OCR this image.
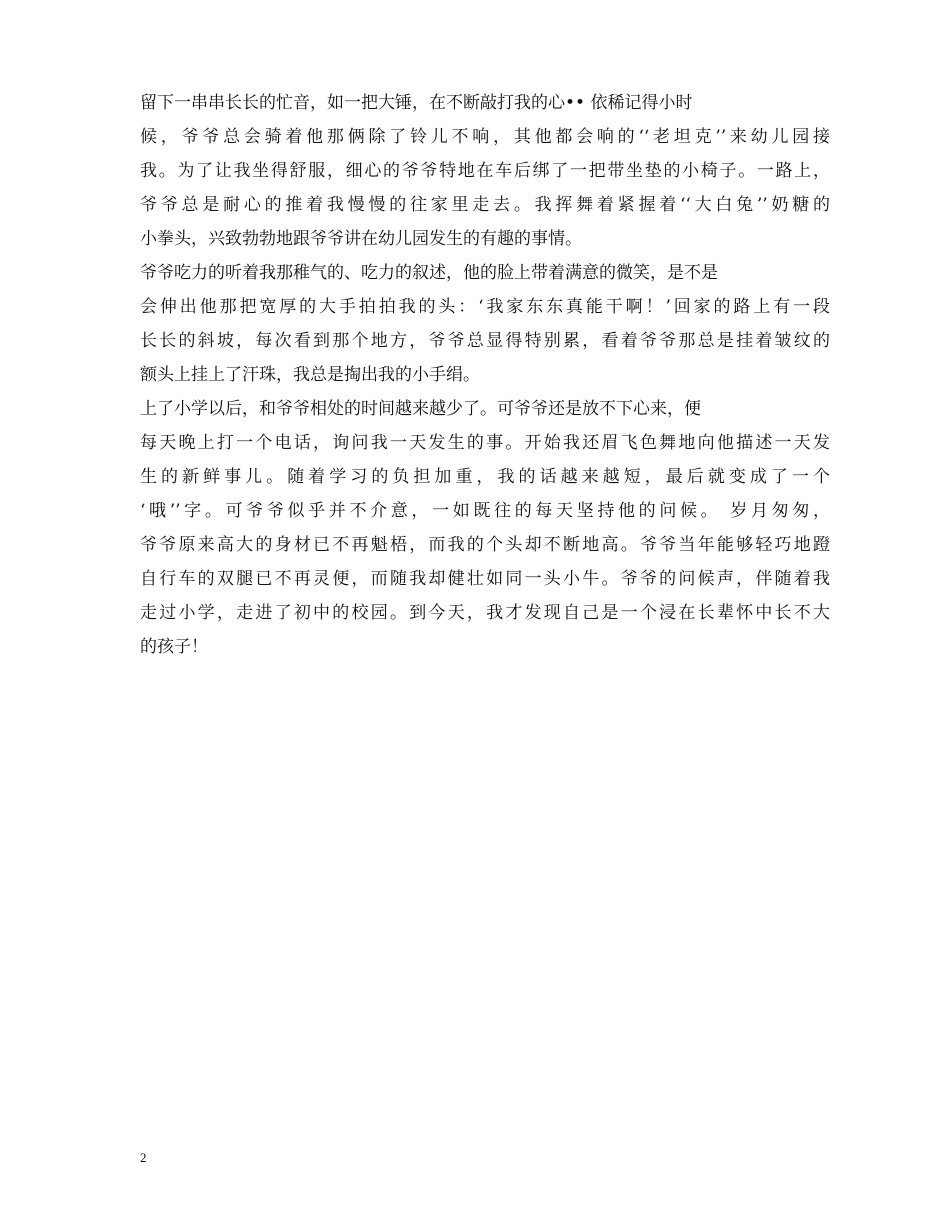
留下一串串长长的忙音，如一把大锤，在不断敲打我的心•• 依稀记得小时
候，爷爷总会骑着他那俩除了铃儿不响，其他都会响的‘‘老坦克’’来幼儿园接
我。为了让我坐得舒服，细心的爷爷特地在车后绑了一把带坐垫的小椅子。一路上，
爷爷总是耐心的推着我慢慢的往家里走去。我挥舞着紧握着‘‘大白兔’’奶糖的
小拳头，兴致勃勃地跟爷爷讲在幼儿园发生的有趣的事情。
爷爷吃力的听着我那稚气的、吃力的叙述，他的脸上带着满意的微笑，是不是
会伸出他那把宽厚的大手拍拍我的头：‘我家东东真能干啊！’回家的路上有一段
长长的斜坡，每次看到那个地方，爷爷总显得特别累，看着爷爷那总是挂着皱纹的
额头上挂上了汗珠，我总是掏出我的小手绢。
上了小学以后，和爷爷相处的时间越来越少了。可爷爷还是放不下心来，便
每天晚上打一个电话，询问我一天发生的事。开始我还眉飞色舞地向他描述一天发
生的新鲜事儿。随着学习的负担加重，我的话越来越短，最后就变成了一个
‘哦’’字。可爷爷似乎并不介意，一如既往的每天坚持他的问候。 岁月匆匆，
爷爷原来高大的身材已不再魁梧，而我的个头却不断地高。爷爷当年能够轻巧地蹬
自行车的双腿已不再灵便，而随我却健壮如同一头小牛。爷爷的问候声，伴随着我
走过小学，走进了初中的校园。到今天，我才发现自己是一个浸在长辈怀中长不大
的孩子！
2
